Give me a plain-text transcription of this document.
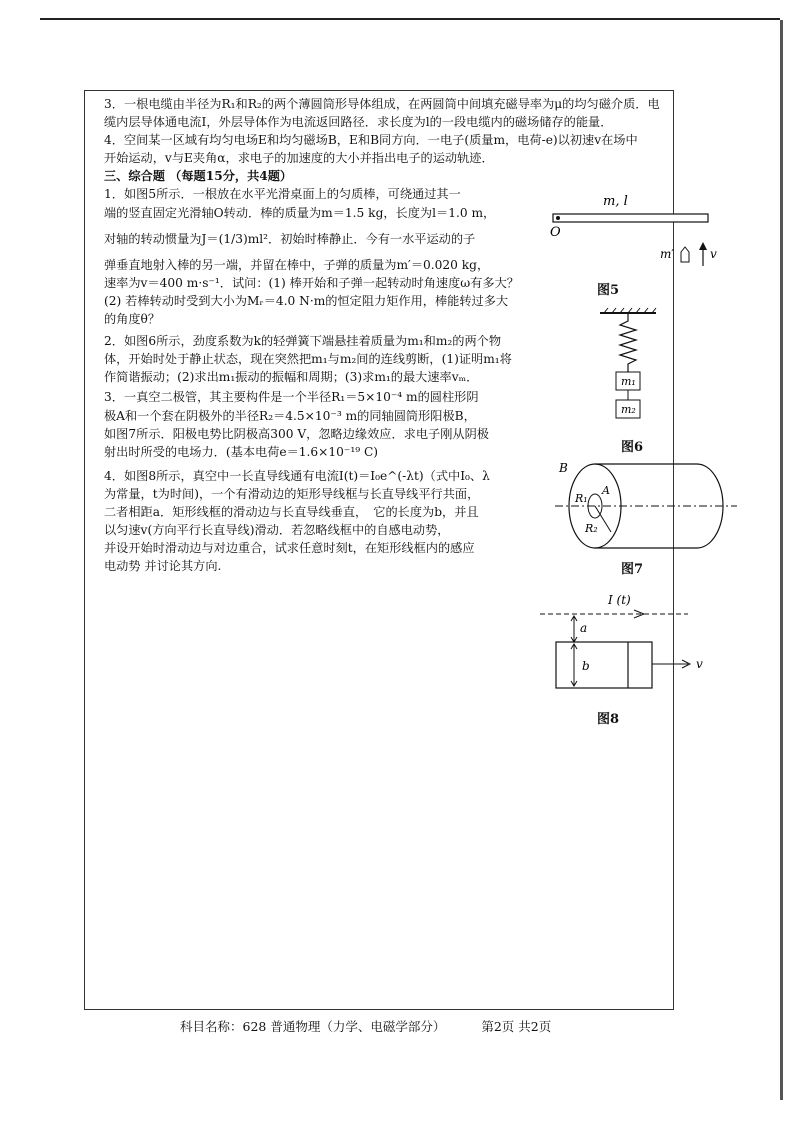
3．一根电缆由半径为R₁和R₂的两个薄圆筒形导体组成，在两圆筒中间填充磁导率为μ的均匀磁介质．电
缆内层导体通电流I，外层导体作为电流返回路径．求长度为l的一段电缆内的磁场储存的能量．
4．空间某一区域有均匀电场E和均匀磁场B，E和B同方向．一电子(质量m，电荷-e)以初速v在场中
开始运动，v与E夹角α，求电子的加速度的大小并指出电子的运动轨迹．
三、综合题 （每题15分，共4题）
1．如图5所示．一根放在水平光滑桌面上的匀质棒，可绕通过其一
端的竖直固定光滑轴O转动．棒的质量为m＝1.5 kg，长度为l＝1.0 m，
对轴的转动惯量为J＝(1/3)ml²．初始时棒静止．今有一水平运动的子
弹垂直地射入棒的另一端，并留在棒中，子弹的质量为m′＝0.020 kg，
速率为v＝400 m·s⁻¹．试问：(1) 棒开始和子弹一起转动时角速度ω有多大？
(2) 若棒转动时受到大小为Mᵣ＝4.0 N·m的恒定阻力矩作用，棒能转过多大
的角度θ？
2．如图6所示，劲度系数为k的轻弹簧下端悬挂着质量为m₁和m₂的两个物
体，开始时处于静止状态，现在突然把m₁与m₂间的连线剪断，(1)证明m₁将
作简谐振动；(2)求出m₁振动的振幅和周期；(3)求m₁的最大速率vₘ．
3．一真空二极管，其主要构件是一个半径R₁＝5×10⁻⁴ m的圆柱形阴
极A和一个套在阴极外的半径R₂＝4.5×10⁻³ m的同轴圆筒形阳极B，
如图7所示．阳极电势比阴极高300 V，忽略边缘效应．求电子刚从阴极
射出时所受的电场力．(基本电荷e＝1.6×10⁻¹⁹ C)
4．如图8所示，真空中一长直导线通有电流I(t)＝I₀e^(-λt)（式中I₀、λ
为常量，t为时间)，一个有滑动边的矩形导线框与长直导线平行共面，
二者相距a．矩形线框的滑动边与长直导线垂直，　它的长度为b，并且
以匀速v(方向平行长直导线)滑动．若忽略线框中的自感电动势，
并设开始时滑动边与对边重合，试求任意时刻t，在矩形线框内的感应
电动势 并讨论其方向.
m, l
O
m′	v
图5
m₁
m₂
图6
B
A
R₁
R₂
图7
I (t)
a
b	v
图8
科目名称：628 普通物理（力学、电磁学部分）	第2页 共2页
